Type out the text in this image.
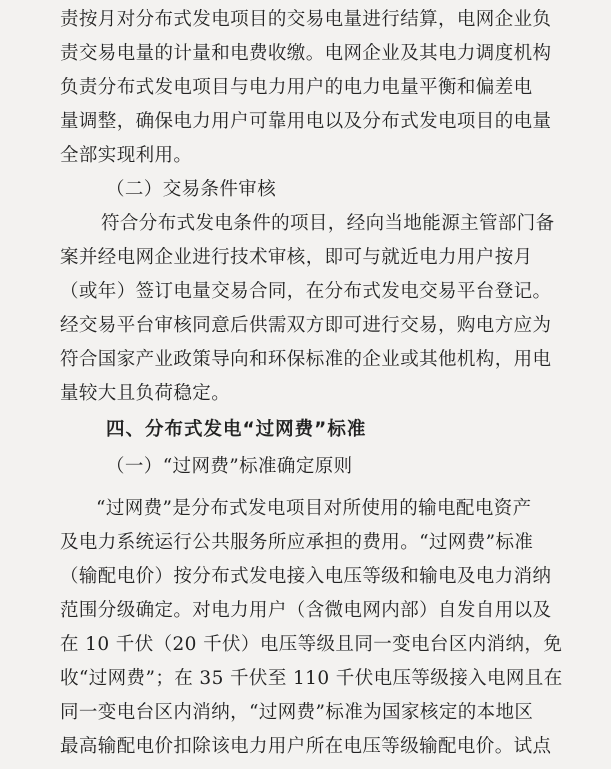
责按月对分布式发电项目的交易电量进行结算，电网企业负
责交易电量的计量和电费收缴。电网企业及其电力调度机构
负责分布式发电项目与电力用户的电力电量平衡和偏差电
量调整，确保电力用户可靠用电以及分布式发电项目的电量
全部实现利用。
（二）交易条件审核
符合分布式发电条件的项目，经向当地能源主管部门备
案并经电网企业进行技术审核，即可与就近电力用户按月
（或年）签订电量交易合同，在分布式发电交易平台登记。
经交易平台审核同意后供需双方即可进行交易，购电方应为
符合国家产业政策导向和环保标准的企业或其他机构，用电
量较大且负荷稳定。
四、分布式发电“过网费”标准
（一）“过网费”标准确定原则
“过网费”是分布式发电项目对所使用的输电配电资产
及电力系统运行公共服务所应承担的费用。“过网费”标准
（输配电价）按分布式发电接入电压等级和输电及电力消纳
范围分级确定。对电力用户（含微电网内部）自发自用以及
在 10 千伏（20 千伏）电压等级且同一变电台区内消纳，免
收“过网费”；在 35 千伏至 110 千伏电压等级接入电网且在
同一变电台区内消纳，“过网费”标准为国家核定的本地区
最高输配电价扣除该电力用户所在电压等级输配电价。试点
